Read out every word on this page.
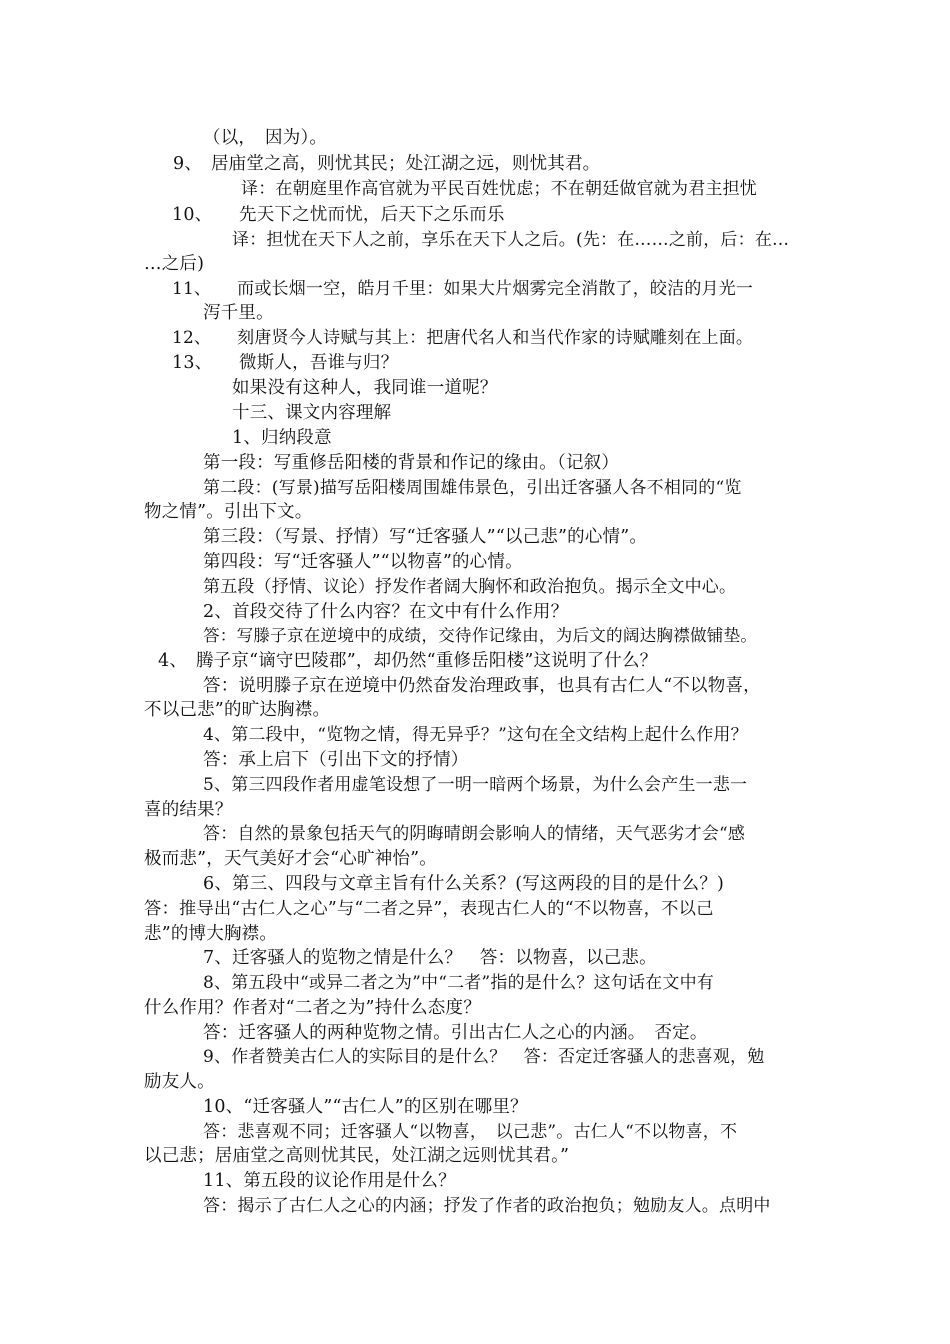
（以，　因为）。
9、　居庙堂之高，则忧其民；处江湖之远，则忧其君。
译：在朝庭里作高官就为平民百姓忧虑；不在朝廷做官就为君主担忧
10、　　先天下之忧而忧，后天下之乐而乐
译：担忧在天下人之前，享乐在天下人之后。(先：在……之前，后：在…
…之后)
11、　　而或长烟一空，皓月千里：如果大片烟雾完全消散了，皎洁的月光一
泻千里。
12、　　刻唐贤今人诗赋与其上：把唐代名人和当代作家的诗赋雕刻在上面。
13、　　微斯人，吾谁与归？
如果没有这种人，我同谁一道呢？
十三、课文内容理解
1、归纳段意
第一段：写重修岳阳楼的背景和作记的缘由。（记叙）
第二段：(写景)描写岳阳楼周围雄伟景色，引出迁客骚人各不相同的“览
物之情”。引出下文。
第三段：（写景、抒情）写“迁客骚人”“以己悲”的心情”。
第四段：写“迁客骚人”“以物喜”的心情。
第五段（抒情、议论）抒发作者阔大胸怀和政治抱负。揭示全文中心。
2、首段交待了什么内容？在文中有什么作用？
答：写滕子京在逆境中的成绩，交待作记缘由，为后文的阔达胸襟做铺垫。
4、　腾子京“谪守巴陵郡”，却仍然“重修岳阳楼”这说明了什么？
答：说明滕子京在逆境中仍然奋发治理政事，也具有古仁人“不以物喜，
不以己悲”的旷达胸襟。
4、第二段中，“览物之情，得无异乎？”这句在全文结构上起什么作用？
答：承上启下（引出下文的抒情）
5、第三四段作者用虚笔设想了一明一暗两个场景，为什么会产生一悲一
喜的结果？
答：自然的景象包括天气的阴晦晴朗会影响人的情绪，天气恶劣才会“感
极而悲”，天气美好才会“心旷神怡”。
6、第三、四段与文章主旨有什么关系？(写这两段的目的是什么？)
答：推导出“古仁人之心”与“二者之异”，表现古仁人的“不以物喜，不以己
悲”的博大胸襟。
7、迁客骚人的览物之情是什么？　答：以物喜，以己悲。
8、第五段中“或异二者之为”中“二者”指的是什么？这句话在文中有
什么作用？作者对“二者之为”持什么态度？
答：迁客骚人的两种览物之情。引出古仁人之心的内涵。　否定。
9、作者赞美古仁人的实际目的是什么？　答：否定迁客骚人的悲喜观，勉
励友人。
10、“迁客骚人”“古仁人”的区别在哪里？
答：悲喜观不同；迁客骚人“以物喜，　以己悲”。古仁人“不以物喜，不
以己悲；居庙堂之高则忧其民，处江湖之远则忧其君。”
11、第五段的议论作用是什么？
答：揭示了古仁人之心的内涵；抒发了作者的政治抱负；勉励友人。点明中
